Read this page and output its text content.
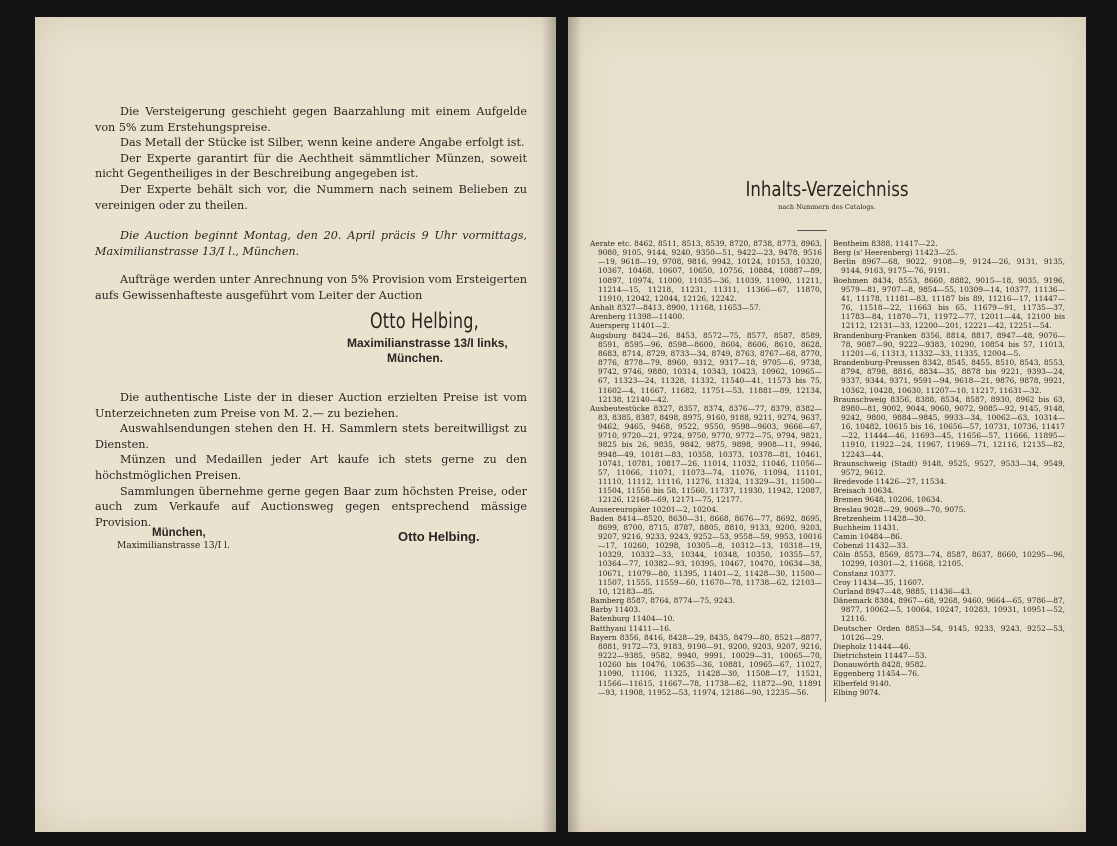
Die Versteigerung geschieht gegen Baarzahlung mit einem Aufgelde von 5% zum Erstehungspreise.

Das Metall der Stücke ist Silber, wenn keine andere Angabe erfolgt ist.

Der Experte garantirt für die Aechtheit sämmtlicher Münzen, soweit nicht Gegentheiliges in der Beschreibung angegeben ist.

Der Experte behält sich vor, die Nummern nach seinem Belieben zu vereinigen oder zu theilen.

Die Auction beginnt Montag, den 20. April präcis 9 Uhr vormittags, Maximilianstrasse 13/I l., München.

Aufträge werden unter Anrechnung von 5% Provision vom Ersteigerten aufs Gewissenhafteste ausgeführt vom Leiter der Auction

Otto Helbing,
Maximilianstrasse 13/I links,
München.

Die authentische Liste der in dieser Auction erzielten Preise ist vom Unterzeichneten zum Preise von M. 2.— zu beziehen.

Auswahlsendungen stehen den H. H. Sammlern stets bereitwilligst zu Diensten.

Münzen und Medaillen jeder Art kaufe ich stets gerne zu den höchstmöglichen Preisen.

Sammlungen übernehme gerne gegen Baar zum höchsten Preise, oder auch zum Verkaufe auf Auctionsweg gegen entsprechend mässige Provision.

München,
Maximilianstrasse 13/I l.
Otto Helbing.
Inhalts-Verzeichniss
nach Nummern des Catalogs.
Aerate etc. 8462, 8511, 8513, 8539, 8720, 8738, 8773, 8963, 9080, 9105, 9144, 9240, 9350—51, 9422—23, 9478, 9516—19, 9618—19, 9708, 9816, 9942, 10124, 10153, 10320, 10367, 10468, 10607, 10650, 10756, 10884, 10887—89, 10897, 10974, 11000, 11035—36, 11039, 11090, 11211, 11214—15, 11218, 11231, 11311, 11366—67, 11870, 11910, 12042, 12044, 12126, 12242.
Anhalt 8327—8413, 8900, 11168, 11653—57.
Arenberg 11398—11400.
Auersperg 11401—2.
Augsburg 8424—26, 8453, 8572—75, 8577, 8587, 8589, 8591, 8595—96, 8598—8600, 8604, 8606, 8610, 8628, 8683, 8714, 8729, 8733—34, 8749, 8763, 8767—68, 8770, 8776, 8778—79, 8960, 9312, 9317—18, 9705—6, 9738, 9742, 9746, 9880, 10314, 10343, 10423, 10962, 10965—67, 11323—24, 11328, 11332, 11540—41, 11573 bis 75, 11602—4, 11667, 11682, 11751—53, 11881—89, 12134, 12138, 12140—42.
Ausbeutestücke 8327, 8357, 8374, 8376—77, 8379, 8382—83, 8385, 8387, 8498, 8975, 9160, 9188, 9211, 9274, 9637, 9462, 9465, 9468, 9522, 9550, 9598—9603, 9666—67, 9710, 9720—21, 9724, 9750, 9770, 9772—75, 9794, 9821, 9825 bis 26, 9835, 9842, 9875, 9898, 9908—11, 9946, 9948—49, 10181—83, 10358, 10373, 10378—81, 10461, 10741, 10781, 10817—26, 11014, 11032, 11046, 11056—57, 11066, 11071, 11073—74, 11076, 11094, 11101, 11110, 11112, 11116, 11276, 11324, 11329—31, 11500—11504, 11556 bis 58, 11560, 11737, 11930, 11942, 12087, 12126, 12168—69, 12171—75, 12177.
Aussereuropäer 10201—2, 10204.
Baden 8414—8520, 8630—31, 8668, 8676—77, 8692, 8695, 8699, 8700, 8715, 8787, 8805, 8810, 9133, 9200, 9203, 9207, 9216, 9233, 9243, 9252—53, 9558—59, 9953, 10016—17, 10260, 10298, 10305—8, 10312—13, 10318—19, 10329, 10332—33, 10344, 10348, 10350, 10355—57, 10364—77, 10382—93, 10395, 10467, 10470, 10634—38, 10671, 11079—80, 11395, 11401—2, 11428—30, 11500—11507, 11555, 11559—60, 11670—78, 11738—62, 12103—10, 12183—85.
Bamberg 8587, 8764, 8774—75, 9243.
Barby 11403.
Batenburg 11404—10.
Batthyani 11411—16.
Bayern 8356, 8416, 8428—29, 8435, 8479—80, 8521—8877, 8881, 9172—73, 9183, 9190—91, 9200, 9203, 9207, 9216, 9222—9385, 9582, 9940, 9991, 10029—31, 10065—70, 10260 bis 10476, 10635—36, 10881, 10965—67, 11027, 11090, 11106, 11325, 11428—30, 11508—17, 11521, 11566—11615, 11667—78, 11738—62, 11872—90, 11891—93, 11908, 11952—53, 11974, 12186—90, 12235—56.
Bentheim 8388, 11417—22.
Berg (s' Heerenberg) 11423—25.
Berlin 8967—68, 9022, 9108—9, 9124—26, 9131, 9135, 9144, 9163, 9175—76, 9191.
Boehmen 8434, 8553, 8660, 8882, 9015—18, 9035, 9196, 9579—81, 9707—8, 9854—55, 10309—14, 10377, 11136—41, 11178, 11181—83, 11187 bis 89, 11216—17, 11447—76, 11518—22, 11663 bis 65, 11679—91, 11735—37, 11783—84, 11870—71, 11972—77, 12011—44, 12100 bis 12112, 12131—33, 12200—201, 12221—42, 12251—54.
Brandenburg-Franken 8356, 8814, 8817, 8947—48, 9076—78, 9087—90, 9222—9383, 10290, 10854 bis 57, 11013, 11201—6, 11313, 11332—33, 11335, 12004—5.
Brandenburg-Preussen 8342, 8545, 8455, 8510, 8543, 8553, 8794, 8798, 8816, 8834—35, 8878 bis 9221, 9393—24, 9337, 9344, 9371, 9591—94, 9618—21, 9876, 9878, 9921, 10362, 10428, 10630, 11207—10, 11217, 11631—32.
Braunschweig 8356, 8388, 8534, 8587, 8930, 8962 bis 63, 8980—81, 9002, 9044, 9060, 9072, 9085—92, 9145, 9148, 9242, 9800, 9884—9845, 9933—34, 10062—63, 10314—16, 10482, 10615 bis 16, 10656—57, 10731, 10736, 11417—22, 11444—46, 11693—45, 11656—57, 11666, 11895—11910, 11922—24, 11967, 11969—71, 12116, 12135—82, 12243—44.
Braunschweig (Stadt) 9148, 9525, 9527, 9533—34, 9549, 9572, 9612.
Bredevode 11426—27, 11534.
Breisach 10634.
Bremen 9648, 10206, 10634.
Breslau 9028—29, 9069—70, 9075.
Bretzenheim 11428—30.
Buchheim 11431.
Camin 10484—86.
Cobenzl 11432—33.
Cöln 8553, 8569, 8573—74, 8587, 8637, 8660, 10295—96, 10299, 10301—2, 11668, 12105.
Constanz 10377.
Croy 11434—35, 11607.
Curland 8947—48, 9885, 11436—43.
Dänemark 8384, 8967—68, 9268, 9460, 9664—65, 9786—87, 9877, 10062—5, 10064, 10247, 10283, 10931, 10951—52, 12116.
Deutscher Orden 8853—54, 9145, 9233, 9243, 9252—53, 10126—29.
Diepholz 11444—46.
Dietrichstein 11447—53.
Donauwörth 8428, 9582.
Eggenberg 11454—76.
Elberfeld 9140.
Elbing 9074.
